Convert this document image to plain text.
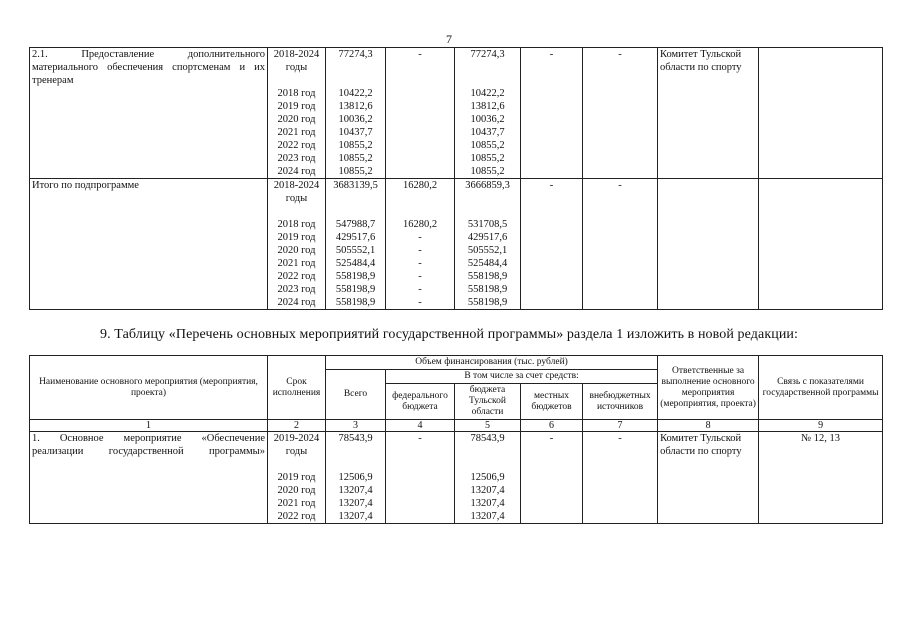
7
2.1. Предоставление дополнительного материального обеспечения спортсменам и их тренерам	2018-2024 годы	77274,3	-	77274,3	-	-	Комитет Тульской области по спорту	
	2018 год	10422,2		10422,2				
	2019 год	13812,6		13812,6				
	2020 год	10036,2		10036,2				
	2021 год	10437,7		10437,7				
	2022 год	10855,2		10855,2				
	2023 год	10855,2		10855,2				
	2024 год	10855,2		10855,2				

Итого по подпрограмме	2018-2024 годы	3683139,5	16280,2	3666859,3	-	-		

	2018 год	547988,7	16280,2	531708,5				
	2019 год	429517,6	-	429517,6				
	2020 год	505552,1	-	505552,1				
	2021 год	525484,4	-	525484,4				
	2022 год	558198,9	-	558198,9				
	2023 год	558198,9	-	558198,9				
	2024 год	558198,9	-	558198,9				
9. Таблицу «Перечень основных мероприятий государственной программы» раздела 1 изложить в новой редакции:
Наименование основного мероприятия (мероприятия, проекта)	Срок исполнения	Объем финансирования (тыс. рублей)					Ответственные за выполнение основного мероприятия (мероприятия, проекта)	Связь с показателями государственной программы
		Всего	В том числе за счет средств:					
			федерального бюджета	бюджета Тульской области	местных бюджетов	внебюджетных источников		
1	2	3	4	5	6	7	8	9

1. Основное мероприятие «Обеспечение реализации государственной программы»	2019-2024 годы	78543,9	-	78543,9	-	-	Комитет Тульской области по спорту	№ 12, 13

	2019 год	12506,9		12506,9				
	2020 год	13207,4		13207,4				
	2021 год	13207,4		13207,4				
	2022 год	13207,4		13207,4				
